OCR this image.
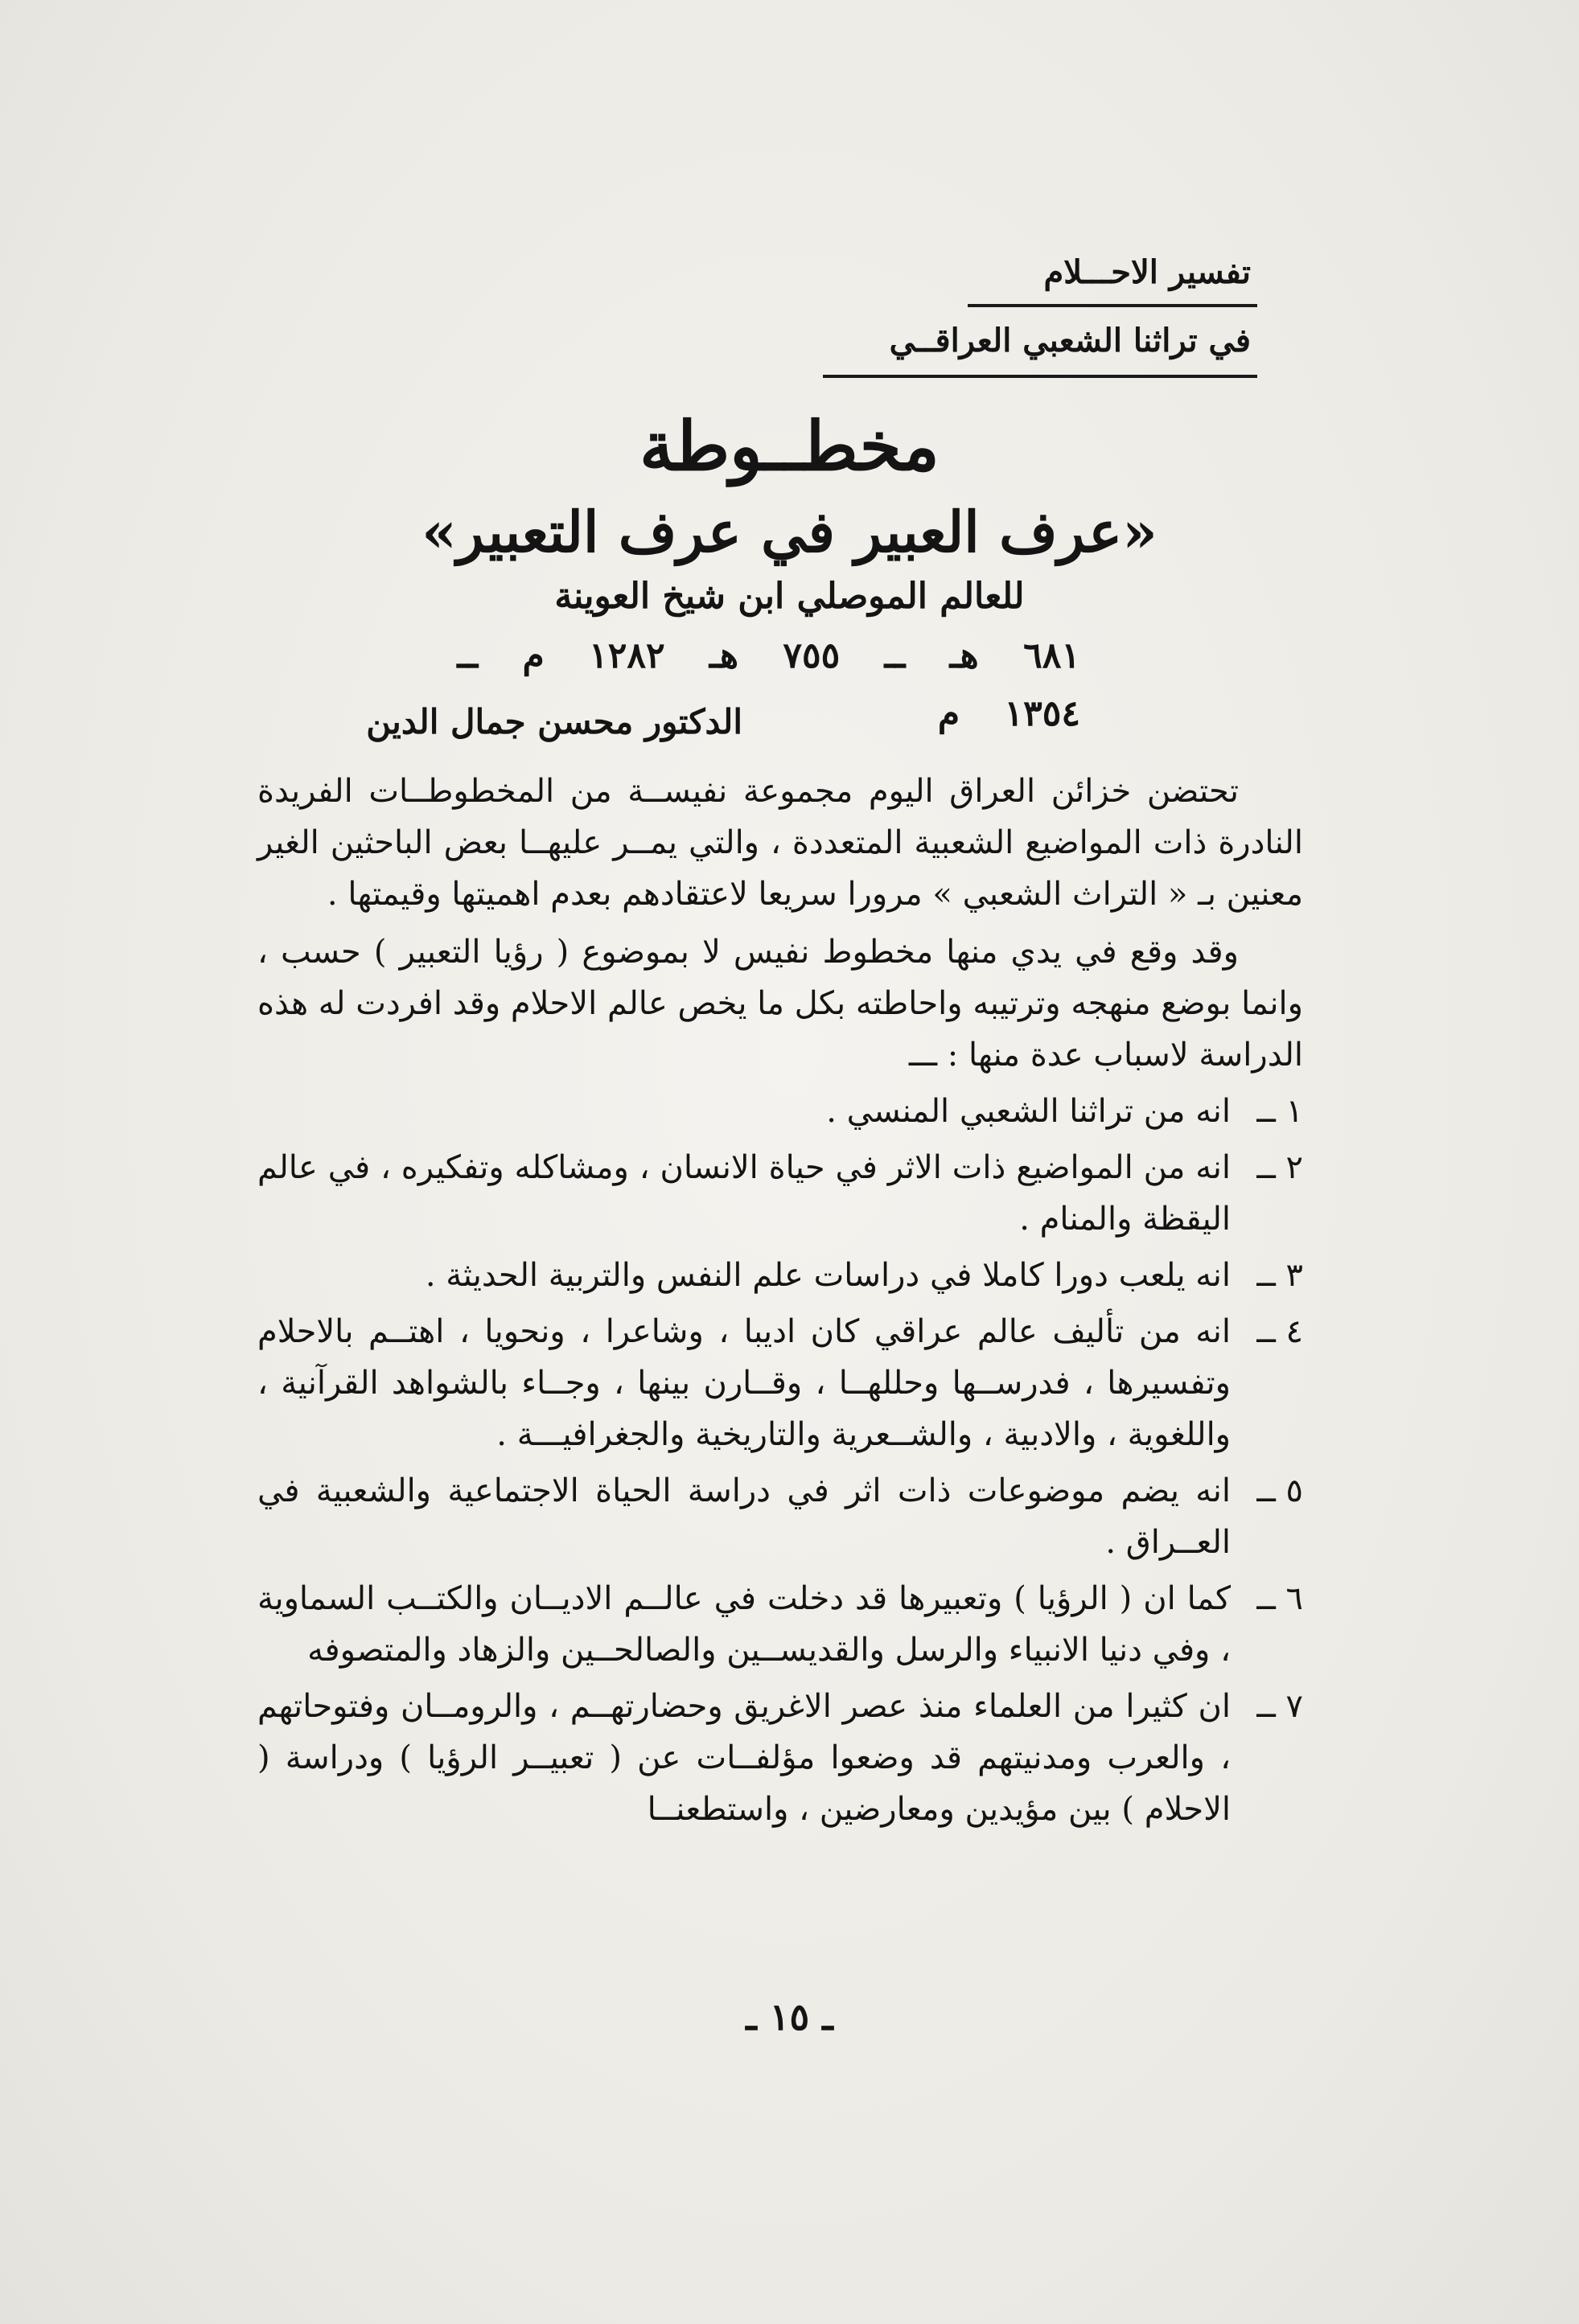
تفسير الاحـــلام
في تراثنا الشعبي العراقــي
مخطــوطة
«عرف العبير في عرف التعبير»
للعالم الموصلي ابن شيخ العوينة
٦٨١ هـ ــ ٧٥٥ هـ ١٢٨٢ م ــ ١٣٥٤ م
الدكتور محسن جمال الدين

تحتضن خزائن العراق اليوم مجموعة نفيســة من المخطوطــات الفريدة النادرة ذات المواضيع الشعبية المتعددة ، والتي يمــر عليهــا بعض الباحثين الغير معنين بـ « التراث الشعبي » مرورا سريعا لاعتقادهم بعدم اهميتها وقيمتها .

وقد وقع في يدي منها مخطوط نفيس لا بموضوع ( رؤيا التعبير ) حسب ، وانما بوضع منهجه وترتيبه واحاطته بكل ما يخص عالم الاحلام وقد افردت له هذه الدراسة لاسباب عدة منها : ـــ

١ ــ
انه من تراثنا الشعبي المنسي .
٢ ــ
انه من المواضيع ذات الاثر في حياة الانسان ، ومشاكله وتفكيره ، في عالم اليقظة والمنام .
٣ ــ
انه يلعب دورا كاملا في دراسات علم النفس والتربية الحديثة .
٤ ــ
انه من تأليف عالم عراقي كان اديبا ، وشاعرا ، ونحويا ، اهتــم بالاحلام وتفسيرها ، فدرســها وحللهــا ، وقــارن بينها ، وجــاء بالشواهد القرآنية ، واللغوية ، والادبية ، والشــعرية والتاريخية والجغرافيـــة .
٥ ــ
انه يضم موضوعات ذات اثر في دراسة الحياة الاجتماعية والشعبية في العــراق .
٦ ــ
كما ان ( الرؤيا ) وتعبيرها قد دخلت في عالــم الاديــان والكتــب السماوية ، وفي دنيا الانبياء والرسل والقديســين والصالحــين والزهاد والمتصوفه
٧ ــ
ان كثيرا من العلماء منذ عصر الاغريق وحضارتهــم ، والرومــان وفتوحاتهم ، والعرب ومدنيتهم قد وضعوا مؤلفــات عن ( تعبيــر الرؤيا ) ودراسة ( الاحلام ) بين مؤيدين ومعارضين ، واستطعنــا
ـ ١٥ ـ
